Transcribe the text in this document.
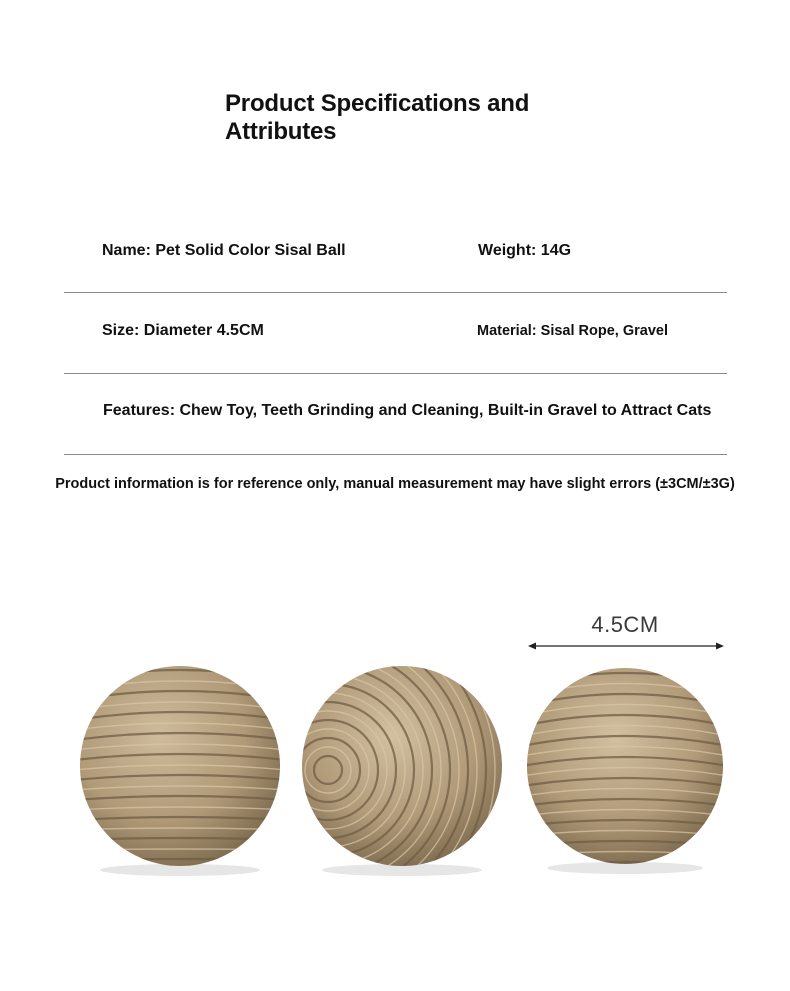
Product Specifications and Attributes
Name: Pet Solid Color Sisal Ball	Weight: 14G
Size: Diameter 4.5CM	Material: Sisal Rope, Gravel
Features: Chew Toy, Teeth Grinding and Cleaning, Built-in Gravel to Attract Cats
Product information is for reference only, manual measurement may have slight errors (±3CM/±3G)
4.5CM
